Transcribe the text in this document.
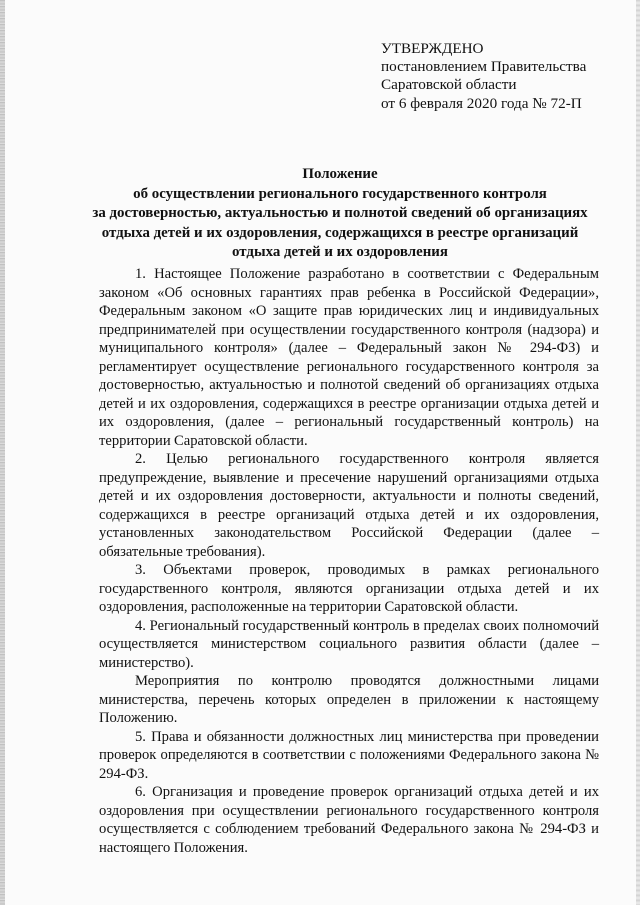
УТВЕРЖДЕНО
постановлением Правительства
Саратовской области
от 6 февраля 2020 года № 72-П
Положение
об осуществлении регионального государственного контроля
за достоверностью, актуальностью и полнотой сведений об организациях
отдыха детей и их оздоровления, содержащихся в реестре организаций
отдыха детей и их оздоровления

1. Настоящее Положение разработано в соответствии с Федеральным законом «Об основных гарантиях прав ребенка в Российской Федерации», Федеральным законом «О защите прав юридических лиц и индивидуальных предпринимателей при осуществлении государственного контроля (надзора) и муниципального контроля» (далее – Федеральный закон № 294-ФЗ) и регламентирует осуществление регионального государственного контроля за достоверностью, актуальностью и полнотой сведений об организациях отдыха детей и их оздоровления, содержащихся в реестре организации отдыха детей и их оздоровления, (далее – региональный государственный контроль) на территории Саратовской области.

2. Целью регионального государственного контроля является предупреждение, выявление и пресечение нарушений организациями отдыха детей и их оздоровления достоверности, актуальности и полноты сведений, содержащихся в реестре организаций отдыха детей и их оздоровления, установленных законодательством Российской Федерации (далее – обязательные требования).

3. Объектами проверок, проводимых в рамках регионального государственного контроля, являются организации отдыха детей и их оздоровления, расположенные на территории Саратовской области.

4. Региональный государственный контроль в пределах своих полномочий осуществляется министерством социального развития области (далее – министерство).

Мероприятия по контролю проводятся должностными лицами министерства, перечень которых определен в приложении к настоящему Положению.

5. Права и обязанности должностных лиц министерства при проведении проверок определяются в соответствии с положениями Федерального закона № 294-ФЗ.

6. Организация и проведение проверок организаций отдыха детей и их оздоровления при осуществлении регионального государственного контроля осуществляется с соблюдением требований Федерального закона № 294-ФЗ и настоящего Положения.
